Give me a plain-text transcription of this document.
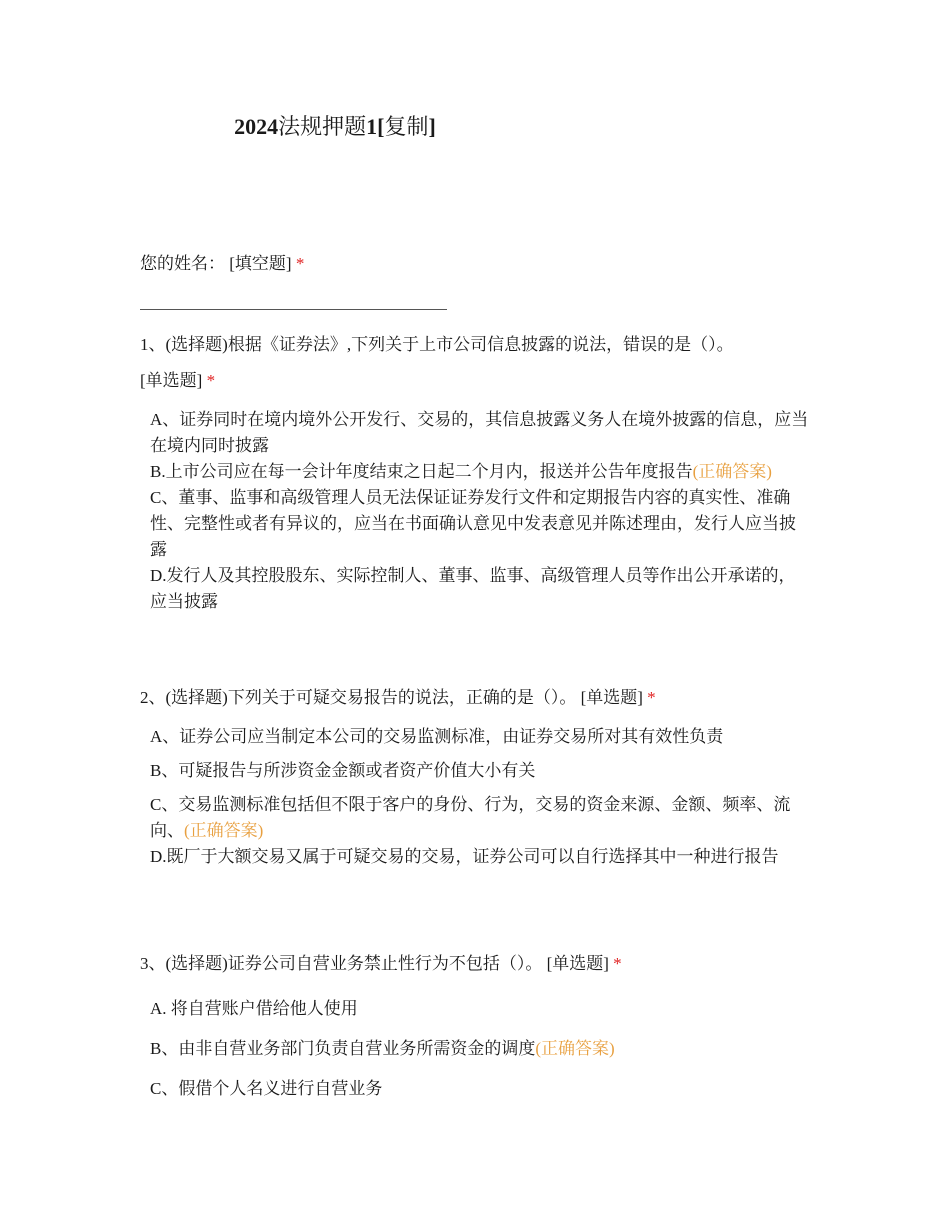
2024法规押题1[复制]

您的姓名： [填空题] *

1、(选择题)根据《证券法》,下列关于上市公司信息披露的说法，错误的是（）。

[单选题] *

A、证券同时在境内境外公开发行、交易的，其信息披露义务人在境外披露的信息，应当在境内同时披露

B.上市公司应在每一会计年度结束之日起二个月内，报送并公告年度报告(正确答案)

C、董事、监事和高级管理人员无法保证证券发行文件和定期报告内容的真实性、准确性、完整性或者有异议的，应当在书面确认意见中发表意见并陈述理由，发行人应当披露

D.发行人及其控股股东、实际控制人、董事、监事、高级管理人员等作出公开承诺的，应当披露

2、(选择题)下列关于可疑交易报告的说法，正确的是（）。 [单选题] *

A、证券公司应当制定本公司的交易监测标准，由证券交易所对其有效性负责

B、可疑报告与所涉资金金额或者资产价值大小有关

C、交易监测标准包括但不限于客户的身份、行为，交易的资金来源、金额、频率、流向、(正确答案)

D.既厂于大额交易又属于可疑交易的交易，证券公司可以自行选择其中一种进行报告

3、(选择题)证券公司自营业务禁止性行为不包括（）。 [单选题] *

A. 将自营账户借给他人使用

B、由非自营业务部门负责自营业务所需资金的调度(正确答案)

C、假借个人名义进行自营业务
